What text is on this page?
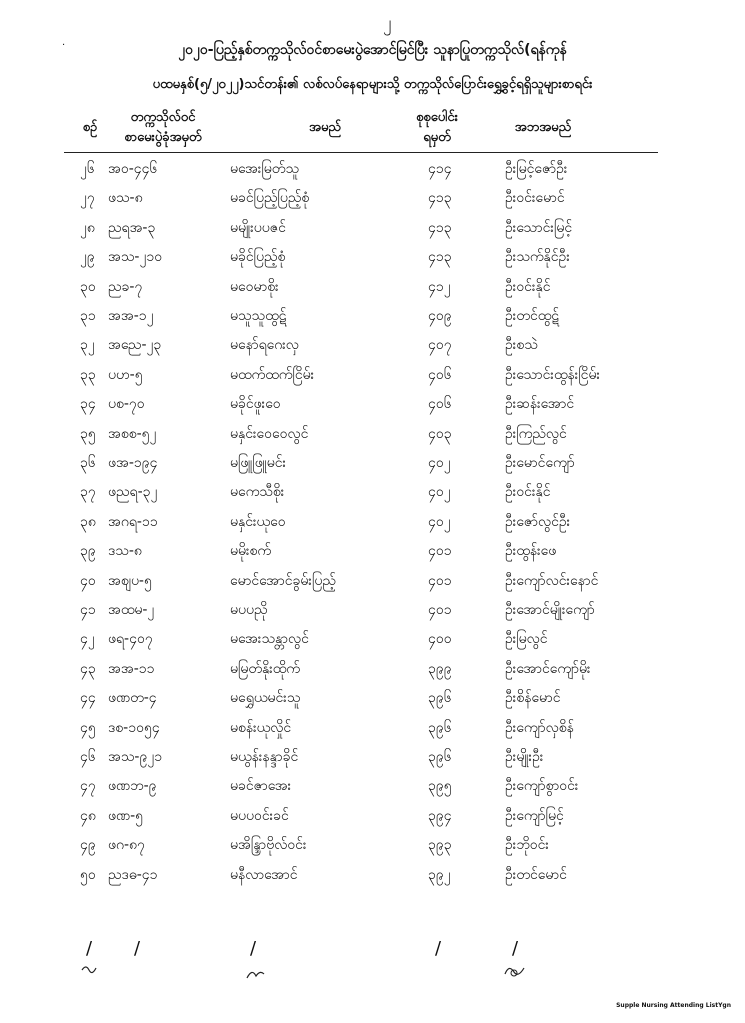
·
၂
၂၀၂၀-ပြည့်နှစ်တက္ကသိုလ်ဝင်စာမေးပွဲအောင်မြင်ပြီး သူနာပြုတက္ကသိုလ်(ရန်ကုန်
ပထမနှစ်(၅/၂၀၂၂)သင်တန်း၏ လစ်လပ်နေရာများသို့ တက္ကသိုလ်ပြောင်းရွှေ့ခွင့်ရရှိသူများစာရင်း
စဉ်
တက္ကသိုလ်ဝင်
စာမေးပွဲခုံအမှတ်
အမည်
စုစုပေါင်း
ရမှတ်
အဘအမည်
၂၆ အဝ-၄၄၆	မအေးမြတ်သူ	၄၁၄	ဦးမြင့်ဇော်ဦး
၂၇ ဖသ-၈	မခင်ပြည့်ပြည့်စုံ	၄၁၃	ဦးဝင်းမောင်
၂၈ ညရအ-၃	မမျိုးပပဇင်	၄၁၃	ဦးသောင်းမြင့်
၂၉ အသ-၂၁၀	မခိုင်ပြည့်စုံ	၄၁၃	ဦးသက်နိုင်ဦး
၃၀ ညခ-၇	မဝေမာစိုး	၄၁၂	ဦးဝင်းနိုင်
၃၁ အအ-၁၂	မသူသူထွဋ်	၄၀၉	ဦးတင်ထွဋ်
၃၂ အညေ-၂၃	မနော်ရဂေးလှ	၄၀၇	ဦးစသဲ
၃၃ ပဟ-၅	မထက်ထက်ငြိမ်း	၄၀၆	ဦးသောင်းထွန်းငြိမ်း
၃၄ ပစ-၇၀	မခိုင်ဖူးဝေ	၄၀၆	ဦးဆန်းအောင်
၃၅ အစစ-၅၂	မနှင်းဝေဝေလွင်	၄၀၃	ဦးကြည်လွင်
၃၆ ဖအ-၁၉၄	မဖြူဖြူမင်း	၄၀၂	ဦးမောင်ကျော်
၃၇ ဖညရ-၃၂	မကေသီစိုး	၄၀၂	ဦးဝင်းနိုင်
၃၈ အဂရ-၁၁	မနှင်းယုဝေ	၄၀၂	ဦးဇော်လွင်ဦး
၃၉ ဒသ-၈	မမိုးစက်	၄၀၁	ဦးထွန်းဖေ
၄၀ အစျပ-၅	မောင်အောင်ခွမ်းပြည့်	၄၀၁	ဦးကျော်လင်းနောင်
၄၁ အထမ-၂	မပပညို	၄၀၁	ဦးအောင်မျိုးကျော်
၄၂ ဖရ-၄၀၇	မအေးသန္တာလွင်	၄၀၀	ဦးမြလွင်
၄၃ အအ-၁၁	မမြတ်နိုးထိုက်	၃၉၉	ဦးအောင်ကျော်မိုး
၄၄ ဖဏတ-၄	မရွှေယမင်းသူ	၃၉၆	ဦးစိန်မောင်
၄၅ ဒစ-၁၀၅၄	မစန်းယုလှိုင်	၃၉၆	ဦးကျော်လှစိန်
၄၆ အသ-၉၂၁	မယွန်းနန္ဒာခိုင်	၃၉၆	ဦးမျိုးဦး
၄၇ ဖဏဘ-၉	မခင်ဇာအေး	၃၉၅	ဦးကျော်စွာဝင်း
၄၈ ဖဏ-၅	မပပဝင်းခင်	၃၉၄	ဦးကျော်မြင့်
၄၉ ဖဂ-၈၇	မအိန္ဒြာဗိုလ်ဝင်း	၃၉၃	ဦးဘိုဝင်း
၅၀ ညဒဓ-၄၁	မနီလာအောင်	၃၉၂	ဦးတင်မောင်
/ /	/	/	/
Supple Nursing Attending ListYgn
